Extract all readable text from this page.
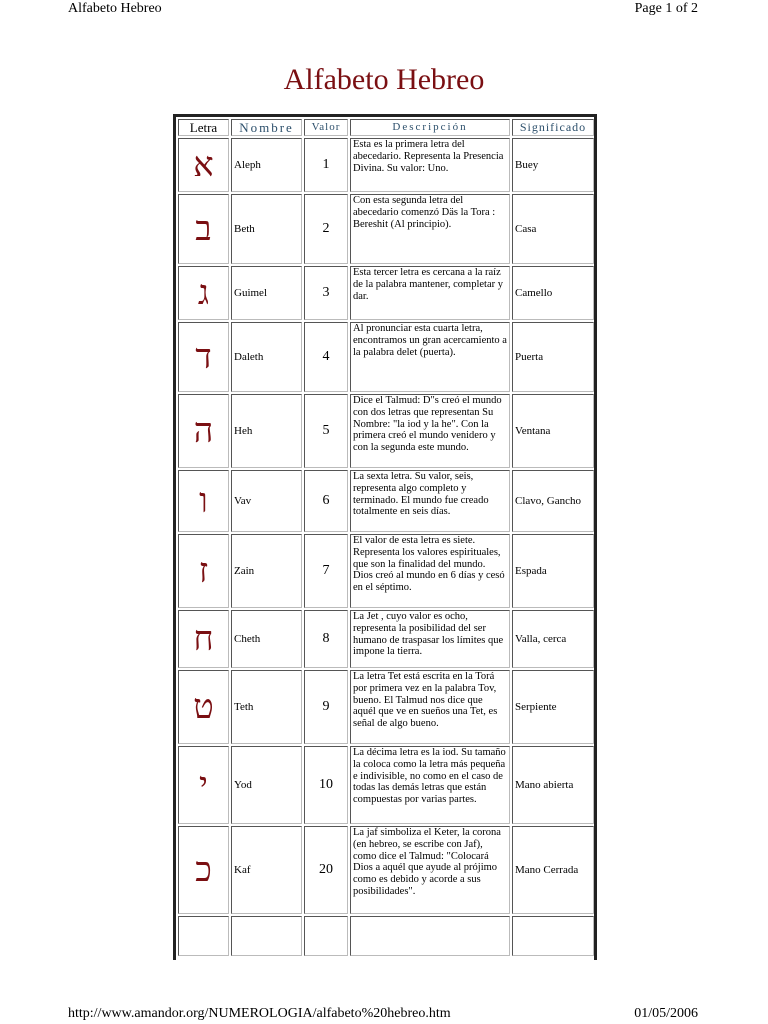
Alfabeto Hebreo	Page 1 of 2
Alfabeto Hebreo
Letra	Nombre	Valor	Descripción	Significado
א	Aleph	1	Esta es la primera letra del abecedario. Representa la Presencia Divina. Su valor: Uno.	Buey
ב	Beth	2	Con esta segunda letra del abecedario comenzó Däs la Tora : Bereshit (Al principio).	Casa
ג	Guimel	3	Esta tercer letra es cercana a la raíz de la palabra mantener, completar y dar.	Camello
ד	Daleth	4	Al pronunciar esta cuarta letra, encontramos un gran acercamiento a la palabra delet (puerta).	Puerta
ה	Heh	5	Dice el Talmud: D"s creó el mundo con dos letras que representan Su Nombre: "la iod y la he". Con la primera creó el mundo venidero y con la segunda este mundo.	Ventana
ו	Vav	6	La sexta letra. Su valor, seis, representa algo completo y terminado. El mundo fue creado totalmente en seis días.	Clavo, Gancho
ז	Zain	7	El valor de esta letra es siete. Representa los valores espirituales, que son la finalidad del mundo. Dios creó al mundo en 6 días y cesó en el séptimo.	Espada
ח	Cheth	8	La Jet , cuyo valor es ocho, representa la posibilidad del ser humano de traspasar los límites que impone la tierra.	Valla, cerca
ט	Teth	9	La letra Tet está escrita en la Torá por primera vez en la palabra Tov, bueno. El Talmud nos dice que aquél que ve en sueños una Tet, es señal de algo bueno.	Serpiente
י	Yod	10	La décima letra es la iod. Su tamaño la coloca como la letra más pequeña e indivisible, no como en el caso de todas las demás letras que están compuestas por varias partes.	Mano abierta
כ	Kaf	20	La jaf simboliza el Keter, la corona (en hebreo, se escribe con Jaf), como dice el Talmud: "Colocará Dios a aquél que ayude al prójimo como es debido y acorde a sus posibilidades".	Mano Cerrada

http://www.amandor.org/NUMEROLOGIA/alfabeto%20hebreo.htm	01/05/2006
